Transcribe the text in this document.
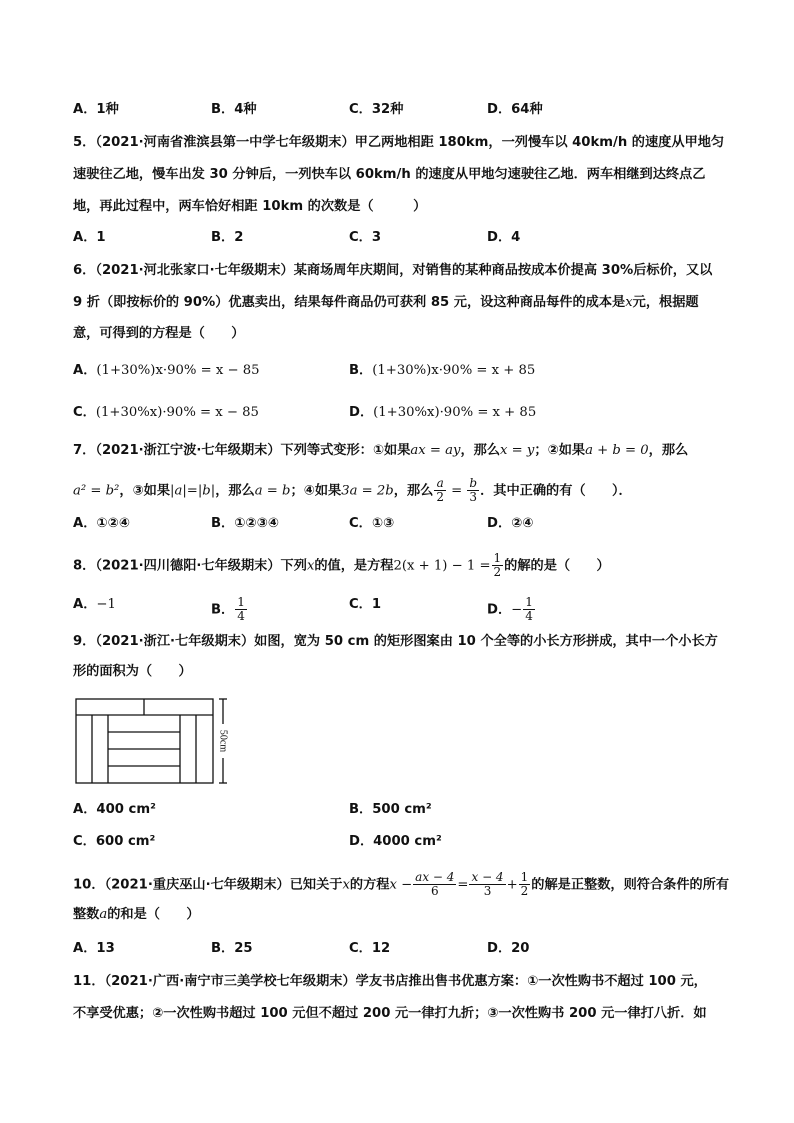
A．1种	B．4种	C．32种	D．64种
5．（2021·河南省淮滨县第一中学七年级期末）甲乙两地相距 180km，一列慢车以 40km/h 的速度从甲地匀
速驶往乙地，慢车出发 30 分钟后，一列快车以 60km/h 的速度从甲地匀速驶往乙地．两车相继到达终点乙
地，再此过程中，两车恰好相距 10km 的次数是（　　　）
A．1	B．2	C．3	D．4
6．（2021·河北张家口·七年级期末）某商场周年庆期间，对销售的某种商品按成本价提高 30%后标价，又以
9 折（即按标价的 90%）优惠卖出，结果每件商品仍可获利 85 元，设这种商品每件的成本是x元，根据题
意，可得到的方程是（　　）
A．(1+30%)x·90% = x − 85	B．(1+30%)x·90% = x + 85
C．(1+30%x)·90% = x − 85	D．(1+30%x)·90% = x + 85
7．（2021·浙江宁波·七年级期末）下列等式变形：①如果ax = ay，那么x = y；②如果a + b = 0，那么
a² = b²，③如果|a|=|b|，那么a = b；④如果3a = 2b，那么 $\frac{a}{2} = \frac{b}{3}$ ．其中正确的有（　　）．
A．①②④	B．①②③④	C．①③	D．②④
8．（2021·四川德阳·七年级期末）下列x的值，是方程$2(x + 1) - 1 = \frac{1}{2}$ 的解的是（　　）
A．−1	B． $\frac{1}{4}$	C．1	D．− $\frac{1}{4}$
9．（2021·浙江·七年级期末）如图，宽为 50 cm 的矩形图案由 10 个全等的小长方形拼成，其中一个小长方
形的面积为（　　）
50cm
A．400 cm²	B．500 cm²
C．600 cm²	D．4000 cm²
10．（2021·重庆巫山·七年级期末）已知关于x的方程$x - \frac{ax - 4}{6} = \frac{x - 4}{3} + \frac{1}{2}$ 的解是正整数，则符合条件的所有
整数a的和是（　　）
A．13	B．25	C．12	D．20
11．（2021·广西·南宁市三美学校七年级期末）学友书店推出售书优惠方案：①一次性购书不超过 100 元，
不享受优惠；②一次性购书超过 100 元但不超过 200 元一律打九折；③一次性购书 200 元一律打八折．如
